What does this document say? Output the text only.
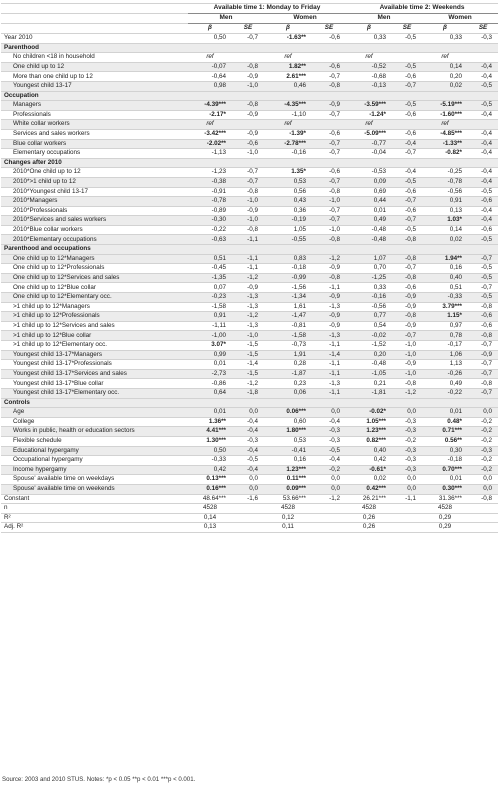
	Available time 1: Monday to Friday				Available time 2: Weekends			
	Men		Women		Men		Women	
	β	SE	β	SE	β	SE	β	SE
Year 2010	0,50	-0,7	-1.63**	-0,6	0,33	-0,5	0,33	-0,3
Parenthood								
No children <18 in household	ref		ref		ref		ref	
One child up to 12	-0,07	-0,8	1.82**	-0,6	-0,52	-0,5	0,14	-0,4
More than one child up to 12	-0,64	-0,9	2.61***	-0,7	-0,68	-0,6	0,20	-0,4
Youngest child 13-17	0,98	-1,0	0,46	-0,8	-0,13	-0,7	0,02	-0,5
Occupation								
Managers	-4.39***	-0,8	-4.35***	-0,9	-3.59***	-0,5	-5.19***	-0,5
Professionals	-2.17*	-0,9	-1,10	-0,7	-1.24*	-0,6	-1.60***	-0,4
White collar workers	ref		ref		ref		ref	
Services and sales workers	-3.42***	-0,9	-1.39*	-0,6	-5.09***	-0,6	-4.85***	-0,4
Blue collar workers	-2.02**	-0,6	-2.78***	-0,7	-0,77	-0,4	-1.33**	-0,4
Elementary occupations	-1,13	-1,0	-0,16	-0,7	-0,04	-0,7	-0.82*	-0,4
Changes after 2010								
2010*One child up to 12	-1,23	-0,7	1.35*	-0,6	-0,53	-0,4	-0,25	-0,4
2010*>1 child up to 12	-0,38	-0,7	0,53	-0,7	0,09	-0,5	-0,78	-0,4
2010*Youngest child 13-17	-0,91	-0,8	0,56	-0,8	0,69	-0,6	-0,56	-0,5
2010*Managers	-0,78	-1,0	0,43	-1,0	0,44	-0,7	0,91	-0,6
2010*Professionals	-0,89	-0,9	0,36	-0,7	0,01	-0,6	0,13	-0,4
2010*Services and sales workers	-0,30	-1,0	-0,19	-0,7	0,49	-0,7	1.03*	-0,4
2010*Blue collar workers	-0,22	-0,8	1,05	-1,0	-0,48	-0,5	0,14	-0,6
2010*Elementary occupations	-0,63	-1,1	-0,55	-0,8	-0,48	-0,8	0,02	-0,5
Parenthood and occupations								
One child up to 12*Managers	0,51	-1,1	0,83	-1,2	1,07	-0,8	1.94**	-0,7
One child up to 12*Professionals	-0,45	-1,1	-0,18	-0,9	0,70	-0,7	0,16	-0,5
One child up to 12*Services and sales	-1,35	-1,2	-0,99	-0,8	-1,25	-0,8	0,40	-0,5
One child up to 12*Blue collar	0,07	-0,9	-1,56	-1,1	0,33	-0,6	0,51	-0,7
One child up to 12*Elementary occ.	-0,23	-1,3	-1,34	-0,9	-0,16	-0,9	-0,33	-0,5
>1 child up to 12*Managers	-1,58	-1,3	1,61	-1,3	-0,56	-0,9	3.79***	-0,8
>1 child up to 12*Professionals	0,91	-1,2	-1,47	-0,9	0,77	-0,8	1.15*	-0,6
>1 child up to 12*Services and sales	-1,11	-1,3	-0,81	-0,9	0,54	-0,9	0,97	-0,6
>1 child up to 12*Blue collar	-1,00	-1,0	-1,58	-1,3	-0,02	-0,7	0,78	-0,8
>1 child up to 12*Elementary occ.	3.07*	-1,5	-0,73	-1,1	-1,52	-1,0	-0,17	-0,7
Youngest child 13-17*Managers	0,99	-1,5	1,91	-1,4	0,20	-1,0	1,06	-0,9
Youngest child 13-17*Professionals	0,01	-1,4	0,28	-1,1	-0,48	-0,9	1,13	-0,7
Youngest child 13-17*Services and sales	-2,73	-1,5	-1,87	-1,1	-1,05	-1,0	-0,26	-0,7
Youngest child 13-17*Blue collar	-0,86	-1,2	0,23	-1,3	0,21	-0,8	0,49	-0,8
Youngest child 13-17*Elementary occ.	0,64	-1,8	0,06	-1,1	-1,81	-1,2	-0,22	-0,7
Controls								
Age	0,01	0,0	0.06***	0,0	-0.02*	0,0	0,01	0,0
College	1.36**	-0,4	0,60	-0,4	1.05***	-0,3	0.48*	-0,2
Works in public, health or education sectors	4.41***	-0,4	1.80***	-0,3	1.23***	-0,3	0.71***	-0,2
Flexible schedule	1.30***	-0,3	0,53	-0,3	0.82***	-0,2	0.56**	-0,2
Educational hypergamy	0,50	-0,4	-0,41	-0,5	0,40	-0,3	0,30	-0,3
Occupational hypergamy	-0,33	-0,5	0,16	-0,4	0,42	-0,3	-0,18	-0,2
Income hypergamy	0,42	-0,4	1.23***	-0,2	-0.61*	-0,3	0.70***	-0,2
Spouse' available time on weekdays	0.13***	0,0	0.11***	0,0	0,02	0,0	0,01	0,0
Spouse' available time on weekends	0.16***	0,0	0.09***	0,0	0.42***	0,0	0.30***	0,0
Constant	48.64***	-1,6	53.66***	-1,2	26.21***	-1,1	31.36***	-0,8
n	4528		4528		4528		4528	
R²	0,14		0,12		0,26		0,29	
Adj. R²	0,13		0,11		0,26		0,29	
Source: 2003 and 2010 STUS. Notes: *p < 0.05 **p < 0.01 ***p < 0.001.
